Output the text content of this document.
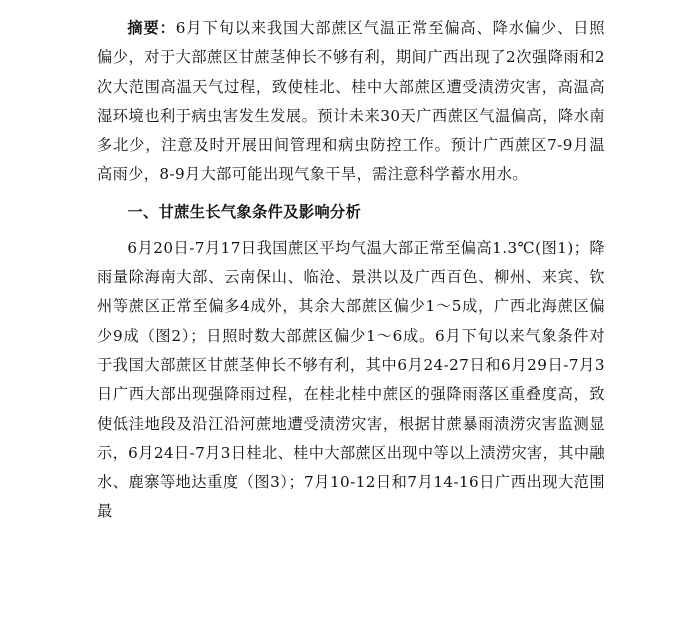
摘要：6月下旬以来我国大部蔗区气温正常至偏高、降水偏少、日照偏少，对于大部蔗区甘蔗茎伸长不够有利，期间广西出现了2次强降雨和2次大范围高温天气过程，致使桂北、桂中大部蔗区遭受渍涝灾害，高温高湿环境也利于病虫害发生发展。预计未来30天广西蔗区气温偏高，降水南多北少，注意及时开展田间管理和病虫防控工作。预计广西蔗区7-9月温高雨少，8-9月大部可能出现气象干旱，需注意科学蓄水用水。

一、甘蔗生长气象条件及影响分析

6月20日-7月17日我国蔗区平均气温大部正常至偏高1.3℃(图1)；降雨量除海南大部、云南保山、临沧、景洪以及广西百色、柳州、来宾、钦州等蔗区正常至偏多4成外，其余大部蔗区偏少1～5成，广西北海蔗区偏少9成（图2）；日照时数大部蔗区偏少1～6成。6月下旬以来气象条件对于我国大部蔗区甘蔗茎伸长不够有利，其中6月24-27日和6月29日-7月3日广西大部出现强降雨过程，在桂北桂中蔗区的强降雨落区重叠度高，致使低洼地段及沿江沿河蔗地遭受渍涝灾害，根据甘蔗暴雨渍涝灾害监测显示，6月24日-7月3日桂北、桂中大部蔗区出现中等以上渍涝灾害，其中融水、鹿寨等地达重度（图3）；7月10-12日和7月14-16日广西出现大范围最
